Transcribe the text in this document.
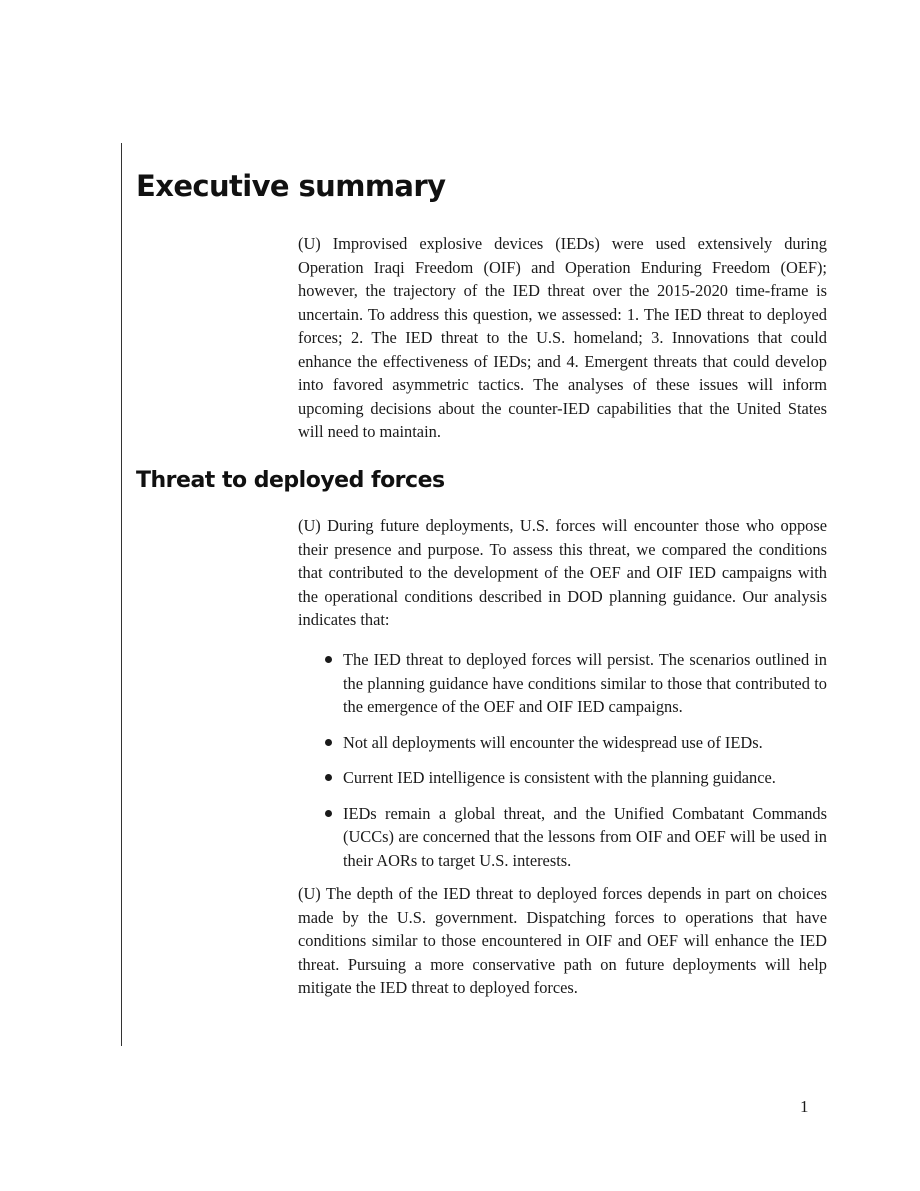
Executive summary

(U) Improvised explosive devices (IEDs) were used extensively during Operation Iraqi Freedom (OIF) and Operation Enduring Freedom (OEF); however, the trajectory of the IED threat over the 2015-2020 time-frame is uncertain. To address this question, we assessed: 1. The IED threat to deployed forces; 2. The IED threat to the U.S. homeland; 3. Innovations that could enhance the effectiveness of IEDs; and 4. Emergent threats that could develop into favored asymmetric tactics. The analyses of these issues will inform upcoming decisions about the counter-IED capabilities that the United States will need to maintain.

Threat to deployed forces

(U) During future deployments, U.S. forces will encounter those who oppose their presence and purpose. To assess this threat, we compared the conditions that contributed to the development of the OEF and OIF IED campaigns with the operational conditions described in DOD planning guidance. Our analysis indicates that:

The IED threat to deployed forces will persist. The scenarios outlined in the planning guidance have conditions similar to those that contributed to the emergence of the OEF and OIF IED campaigns.
Not all deployments will encounter the widespread use of IEDs.
Current IED intelligence is consistent with the planning guidance.
IEDs remain a global threat, and the Unified Combatant Commands (UCCs) are concerned that the lessons from OIF and OEF will be used in their AORs to target U.S. interests.

(U) The depth of the IED threat to deployed forces depends in part on choices made by the U.S. government. Dispatching forces to operations that have conditions similar to those encountered in OIF and OEF will enhance the IED threat. Pursuing a more conservative path on future deployments will help mitigate the IED threat to deployed forces.

1
